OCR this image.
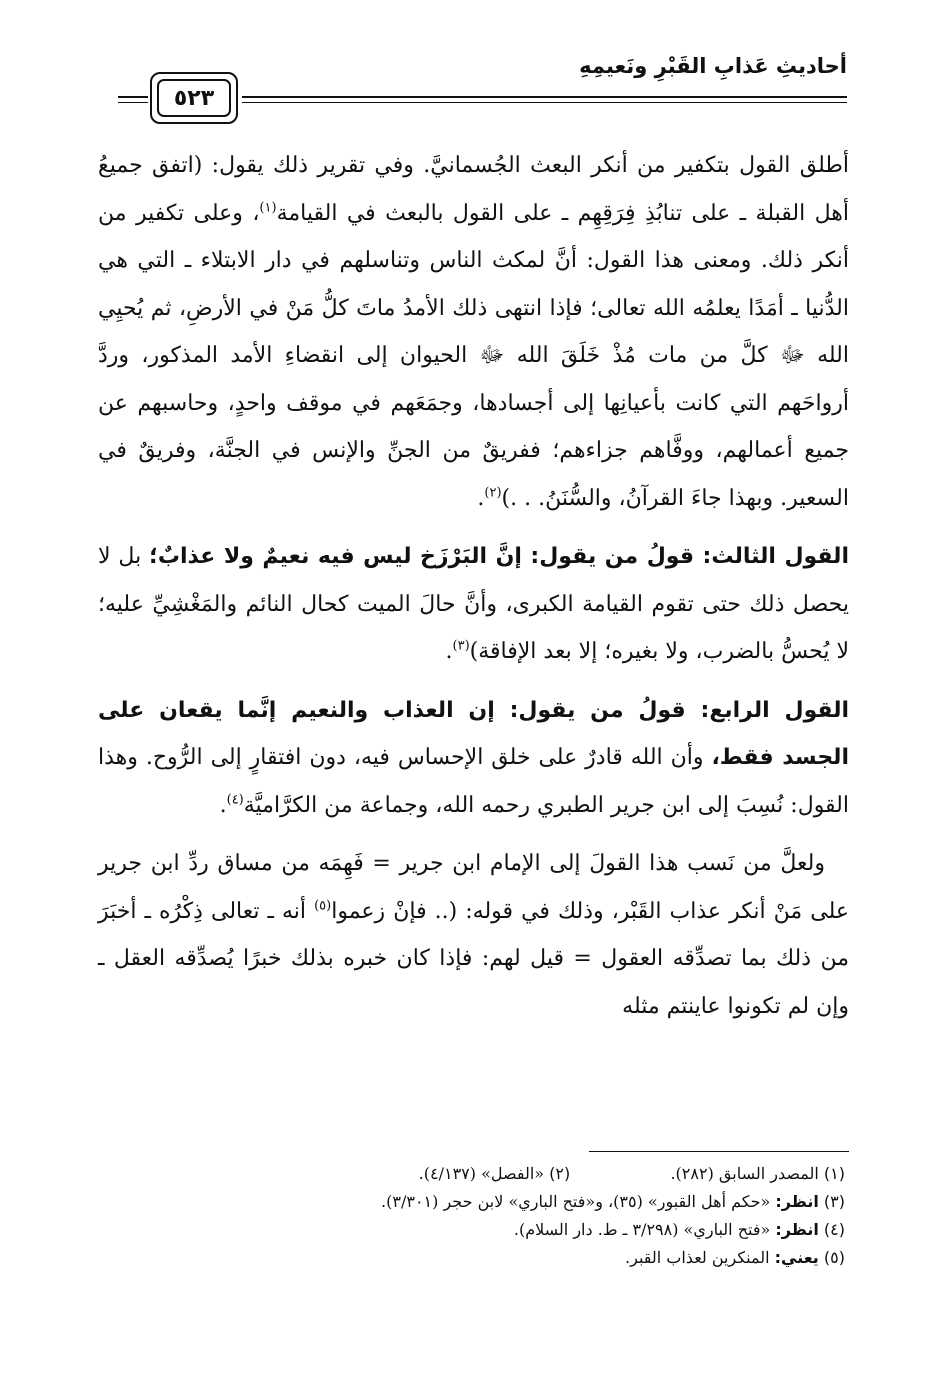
أحاديثِ عَذابِ القَبْرِ ونَعيمِهِ
٥٢٣

أطلق القول بتكفير من أنكر البعث الجُسمانيَّ. وفي تقرير ذلك يقول: (اتفق جميعُ أهل القبلة ـ على تنابُذِ فِرَقِهِم ـ على القول بالبعث في القيامة$^{(١)}$، وعلى تكفير من أنكر ذلك. ومعنى هذا القول: أنَّ لمكث الناس وتناسلهم في دار الابتلاء ـ التي هي الدُّنيا ـ أمَدًا يعلمُه الله تعالى؛ فإذا انتهى ذلك الأمدُ ماتَ كلُّ مَنْ في الأرضِ، ثم يُحيِي الله ﷻ كلَّ من مات مُذْ خَلَقَ الله ﷻ الحيوان إلى انقضاءِ الأمد المذكور، وردَّ أرواحَهم التي كانت بأعيانِها إلى أجسادها، وجمَعَهم في موقف واحدٍ، وحاسبهم عن جميع أعمالهم، ووفَّاهم جزاءهم؛ ففريقٌ من الجنِّ والإنس في الجنَّة، وفريقٌ في السعير. وبهذا جاءَ القرآنُ، والسُّنَنُ. . .)$^{(٢)}$.

القول الثالث: قولُ من يقول: إنَّ البَرْزَخ ليس فيه نعيمٌ ولا عذابٌ؛ بل لا يحصل ذلك حتى تقوم القيامة الكبرى، وأنَّ حالَ الميت كحال النائم والمَغْشِيِّ عليه؛ لا يُحسُّ بالضرب، ولا بغيره؛ إلا بعد الإفاقة)$^{(٣)}$.

القول الرابع: قولُ من يقول: إن العذاب والنعيم إنَّما يقعان على الجسد فقط، وأن الله قادرٌ على خلق الإحساس فيه، دون افتقارٍ إلى الرُّوح. وهذا القول: نُسِبَ إلى ابن جرير الطبري رحمه الله، وجماعة من الكرَّاميَّة$^{(٤)}$.

ولعلَّ من نَسب هذا القولَ إلى الإمام ابن جرير = فَهِمَه من مساق ردِّ ابن جرير على مَنْ أنكر عذاب القَبْر، وذلك في قوله: (.. فإنْ زعموا$^{(٥)}$ أنه ـ تعالى ذِكْرُه ـ أخبَرَ من ذلك بما تصدِّقه العقول = قيل لهم: فإذا كان خبره بذلك خبرًا يُصدِّقه العقل ـ وإن لم تكونوا عاينتم مثله

(١) المصدر السابق (٢٨٢).  (٢) «الفصل» (٤/١٣٧).
(٣) انظر: «حكم أهل القبور» (٣٥)، و«فتح الباري» لابن حجر (٣/٣٠١).
(٤) انظر: «فتح الباري» (٣/٢٩٨ ـ ط. دار السلام).
(٥) يعني: المنكرين لعذاب القبر.
